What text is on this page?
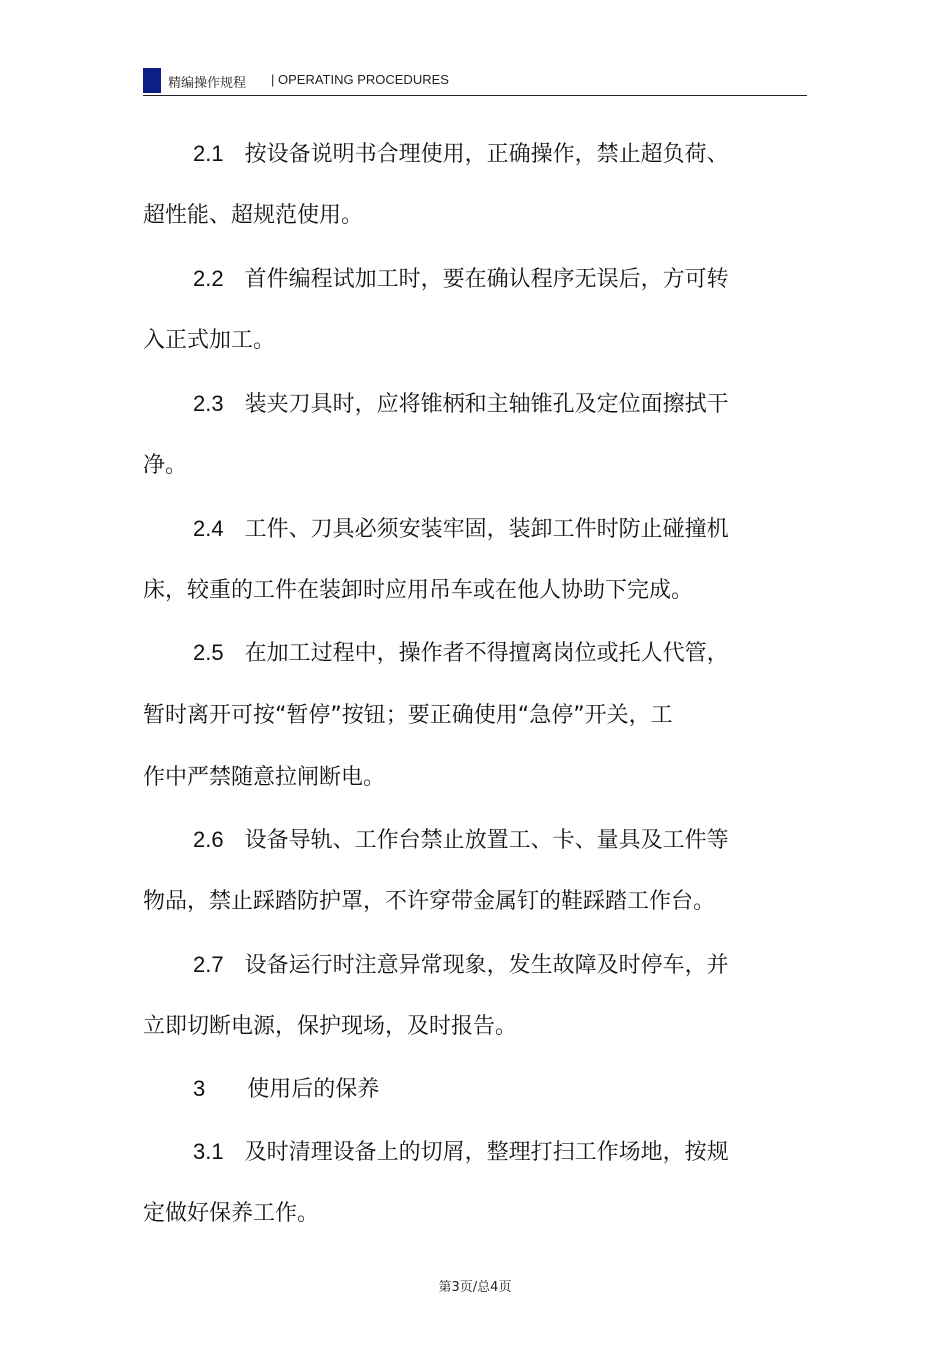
精编操作规程 | OPERATING PROCEDURES
2.1 按设备说明书合理使用，正确操作，禁止超负荷、
超性能、超规范使用。
2.2 首件编程试加工时，要在确认程序无误后，方可转
入正式加工。
2.3 装夹刀具时，应将锥柄和主轴锥孔及定位面擦拭干
净。
2.4 工件、刀具必须安装牢固，装卸工件时防止碰撞机
床，较重的工件在装卸时应用吊车或在他人协助下完成。
2.5 在加工过程中，操作者不得擅离岗位或托人代管，
暂时离开可按“暂停”按钮；要正确使用“急停”开关，工
作中严禁随意拉闸断电。
2.6 设备导轨、工作台禁止放置工、卡、量具及工件等
物品，禁止踩踏防护罩，不许穿带金属钉的鞋踩踏工作台。
2.7 设备运行时注意异常现象，发生故障及时停车，并
立即切断电源，保护现场，及时报告。
3 使用后的保养
3.1 及时清理设备上的切屑，整理打扫工作场地，按规
定做好保养工作。
第3页/总4页
